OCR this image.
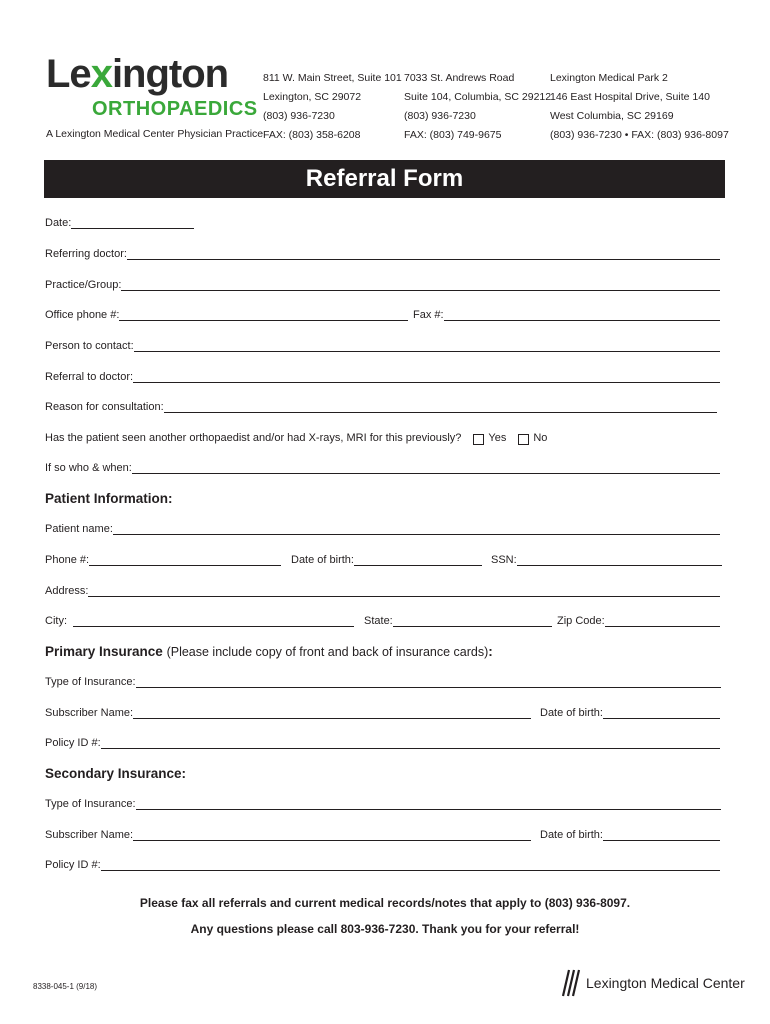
Lexington
ORTHOPAEDICS
A Lexington Medical Center Physician Practice
811 W. Main Street, Suite 101
Lexington, SC 29072
(803) 936-7230
FAX: (803) 358-6208
7033 St. Andrews Road
Suite 104, Columbia, SC 29212
(803) 936-7230
FAX: (803) 749-9675
Lexington Medical Park 2
146 East Hospital Drive, Suite 140
West Columbia, SC 29169
(803) 936-7230 • FAX: (803) 936-8097
Referral Form
Date:
Referring doctor:
Practice/Group:
Office phone #:	Fax #:
Person to contact:
Referral to doctor:
Reason for consultation:
Has the patient seen another orthopaedist and/or had X-rays, MRI for this previously? Yes No
If so who & when:
Patient Information:
Patient name:
Phone #:	Date of birth:	SSN:
Address:
City:	State:	Zip Code:
Primary Insurance (Please include copy of front and back of insurance cards):
Type of Insurance:
Subscriber Name:	Date of birth:
Policy ID #:
Secondary Insurance:
Type of Insurance:
Subscriber Name:	Date of birth:
Policy ID #:
Please fax all referrals and current medical records/notes that apply to (803) 936-8097.
Any questions please call 803-936-7230. Thank you for your referral!
8338-045-1 (9/18)	Lexington Medical Center
